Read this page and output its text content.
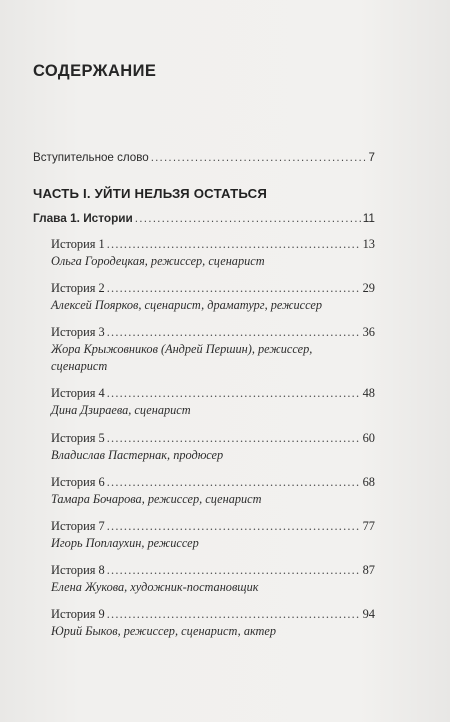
СОДЕРЖАНИЕ
Вступительное слово .....	7
ЧАСТЬ I. УЙТИ НЕЛЬЗЯ ОСТАТЬСЯ
Глава 1. Истории .....	11
История 1 .....	13
Ольга Городецкая, режиссер, сценарист
История 2 .....	29
Алексей Поярков, сценарист, драматург, режиссер
История 3 .....	36
Жора Крыжовников (Андрей Першин), режиссер, сценарист
История 4 .....	48
Дина Дзираева, сценарист
История 5 .....	60
Владислав Пастернак, продюсер
История 6 .....	68
Тамара Бочарова, режиссер, сценарист
История 7 .....	77
Игорь Поплаухин, режиссер
История 8 .....	87
Елена Жукова, художник-постановщик
История 9 .....	94
Юрий Быков, режиссер, сценарист, актер
